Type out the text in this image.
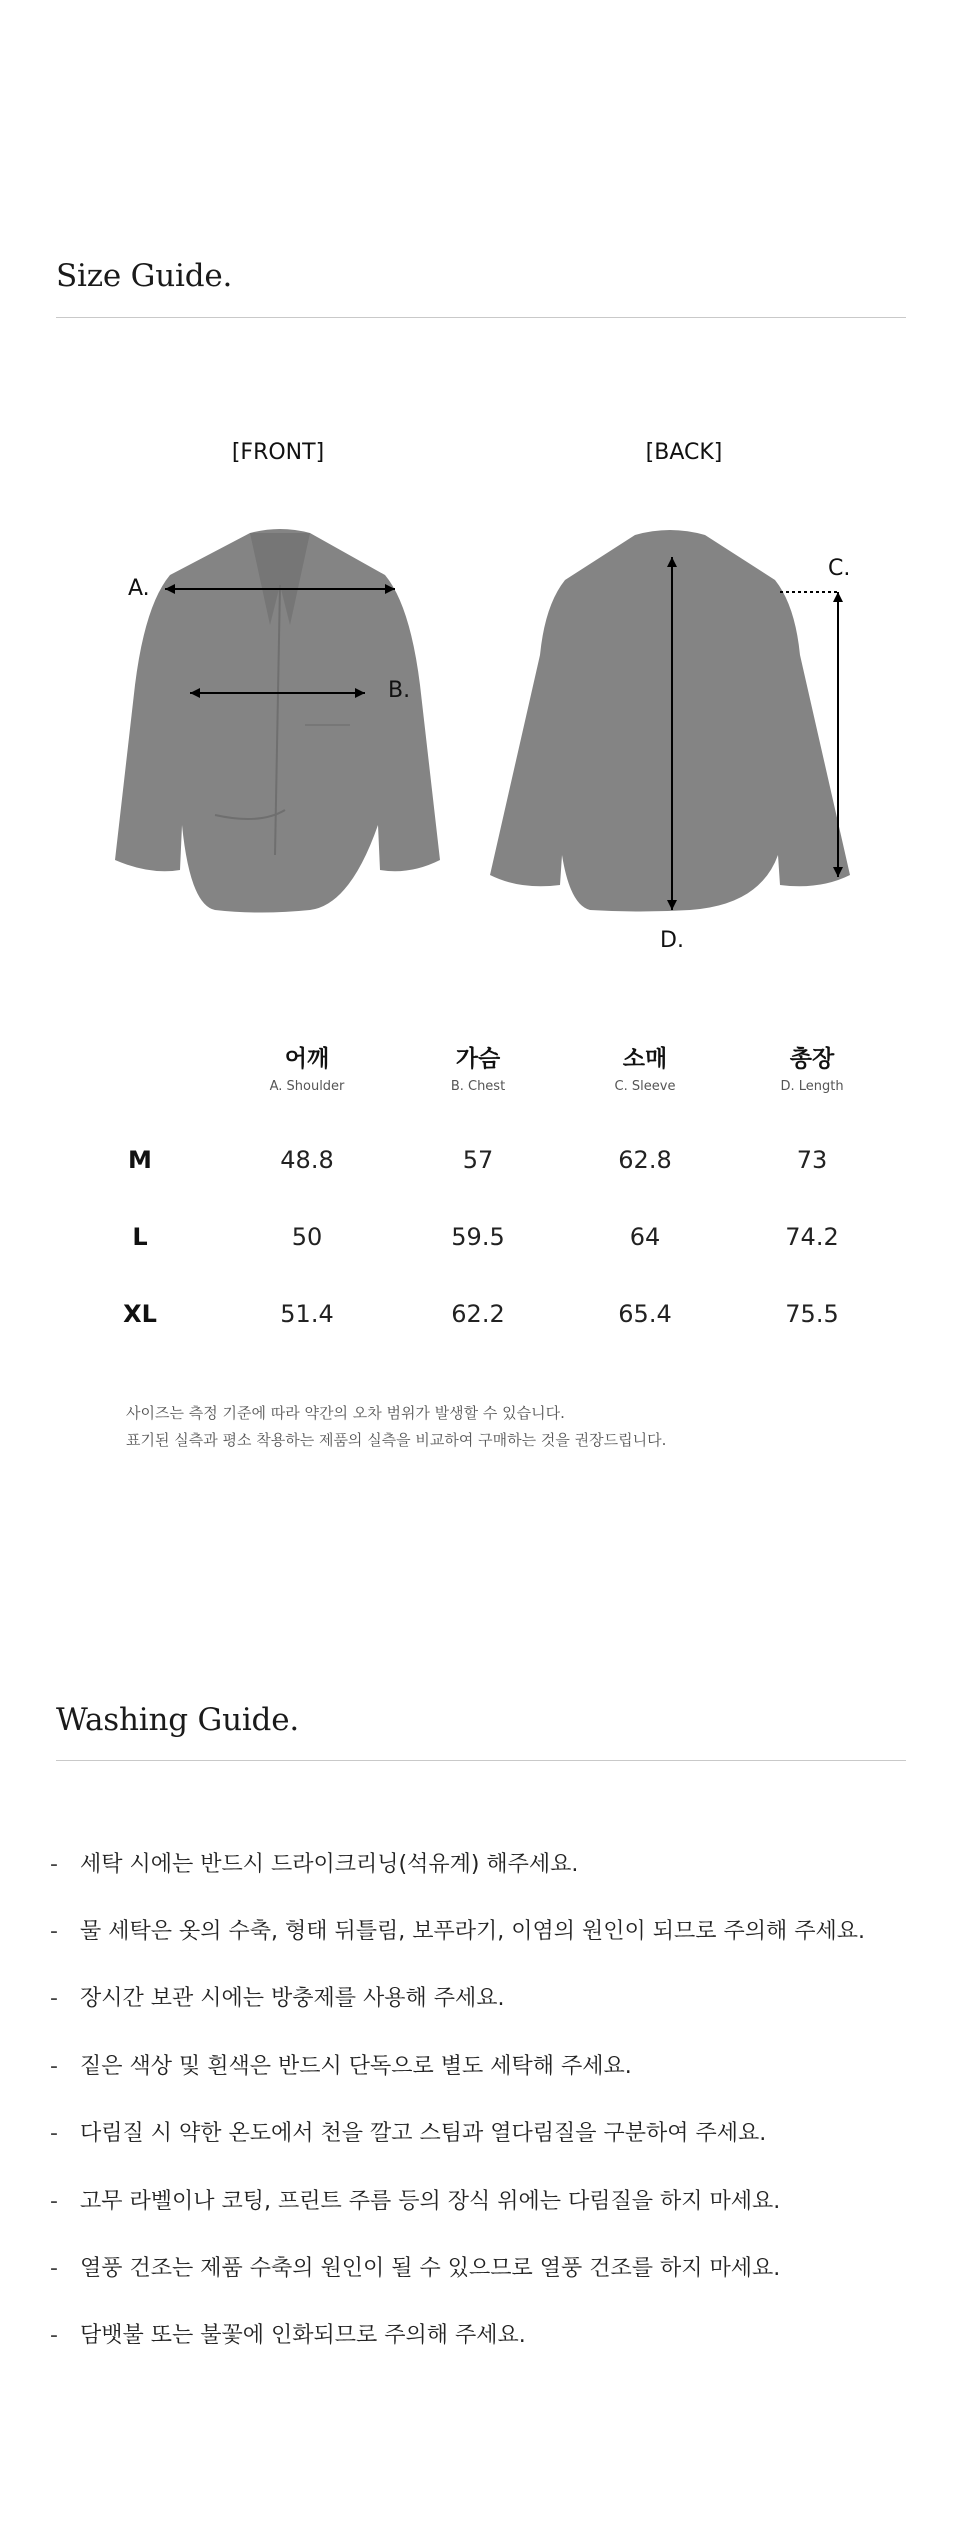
Size Guide.
[FRONT]	[BACK]
A.
B.
C.
D.
어깨
A. Shoulder
가슴
B. Chest
소매
C. Sleeve
총장
D. Length
M	48.8	57	62.8	73
L	50	59.5	64	74.2
XL	51.4	62.2	65.4	75.5
사이즈는 측정 기준에 따라 약간의 오차 범위가 발생할 수 있습니다.
표기된 실측과 평소 착용하는 제품의 실측을 비교하여 구매하는 것을 권장드립니다.
Washing Guide.
- 세탁 시에는 반드시 드라이크리닝(석유계) 해주세요.
- 물 세탁은 옷의 수축, 형태 뒤틀림, 보푸라기, 이염의 원인이 되므로 주의해 주세요.
- 장시간 보관 시에는 방충제를 사용해 주세요.
- 짙은 색상 및 흰색은 반드시 단독으로 별도 세탁해 주세요.
- 다림질 시 약한 온도에서 천을 깔고 스팀과 열다림질을 구분하여 주세요.
- 고무 라벨이나 코팅, 프린트 주름 등의 장식 위에는 다림질을 하지 마세요.
- 열풍 건조는 제품 수축의 원인이 될 수 있으므로 열풍 건조를 하지 마세요.
- 담뱃불 또는 불꽃에 인화되므로 주의해 주세요.
